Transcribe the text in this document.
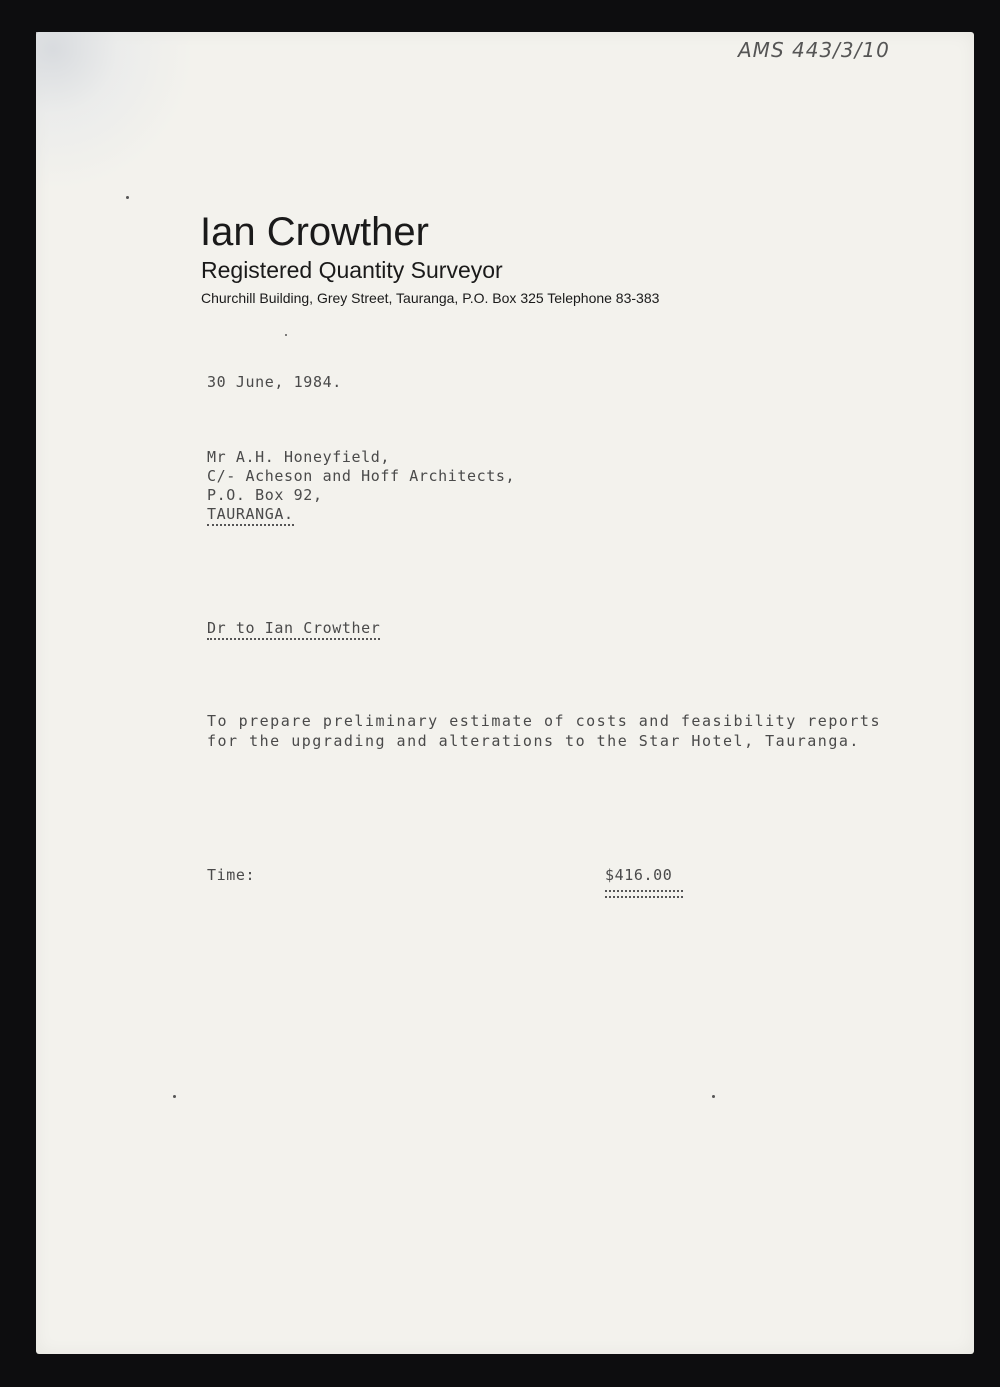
AMS 443/3/10
Ian Crowther
Registered Quantity Surveyor
Churchill Building, Grey Street, Tauranga, P.O. Box 325 Telephone 83-383
30 June, 1984.
Mr A.H. Honeyfield,
C/- Acheson and Hoff Architects,
P.O. Box 92,
TAURANGA.
Dr to Ian Crowther
To prepare preliminary estimate of costs and feasibility reports
for the upgrading and alterations to the Star Hotel, Tauranga.
Time:	$416.00
